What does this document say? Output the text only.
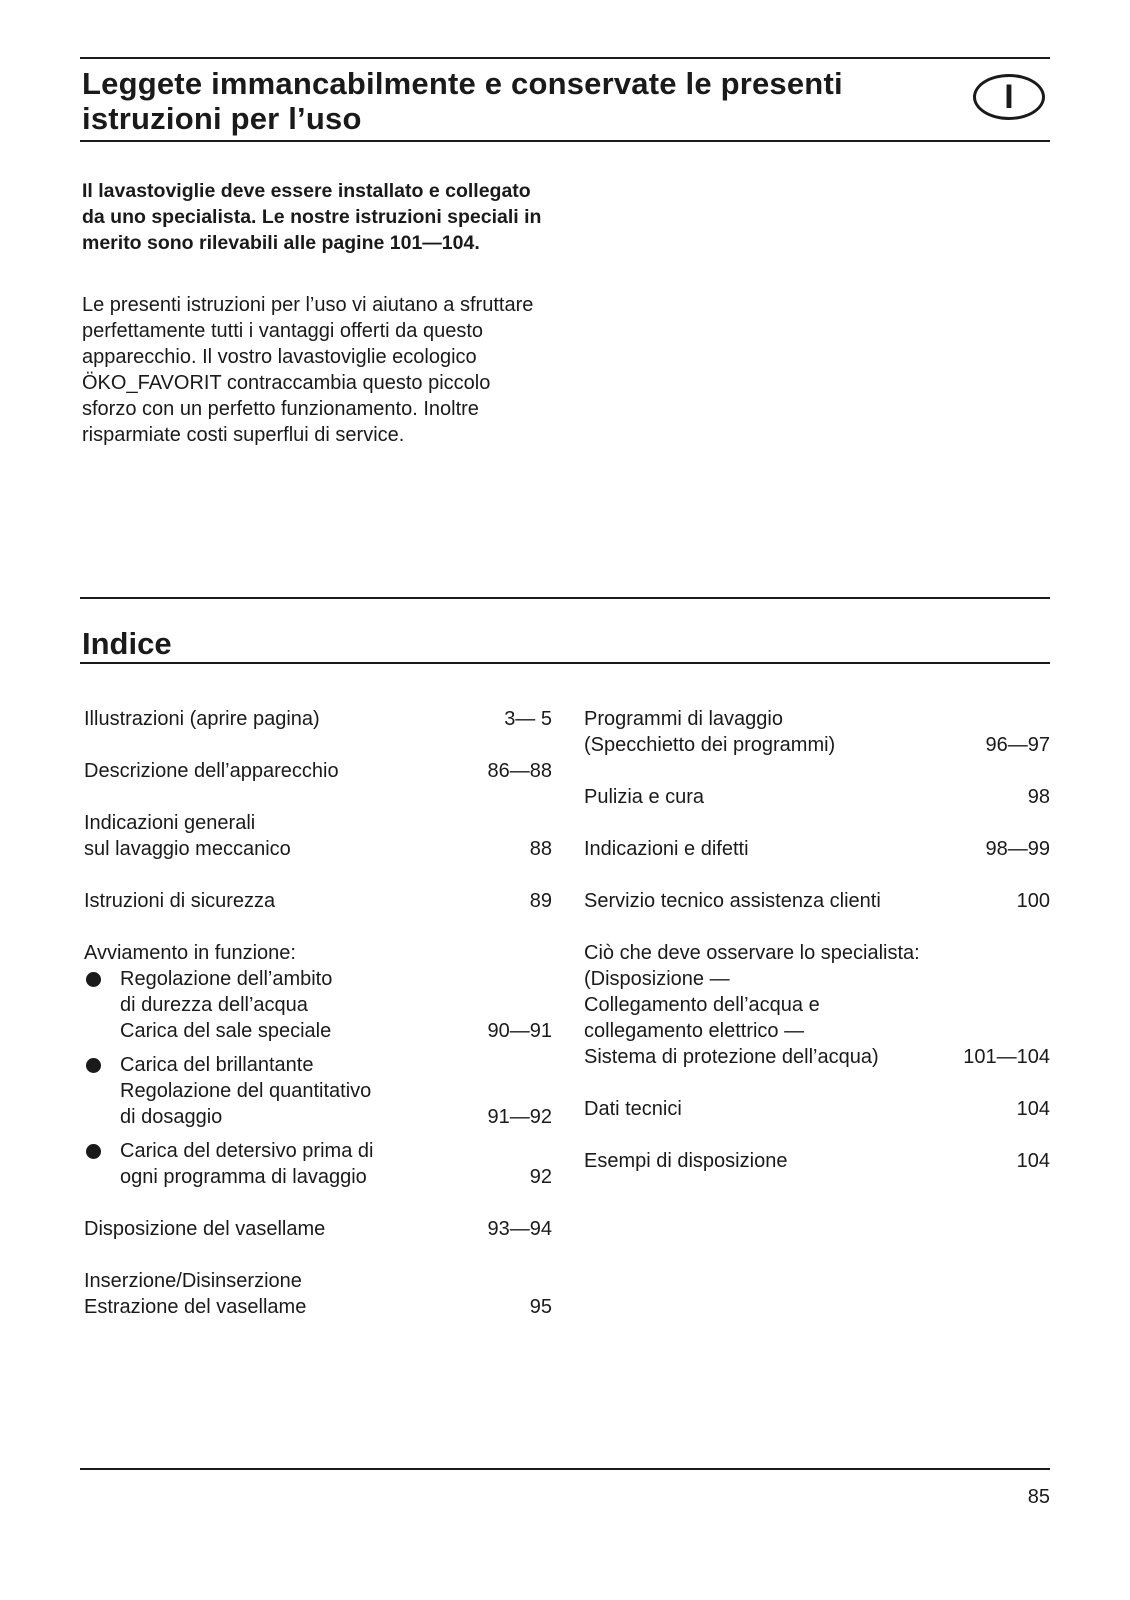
Leggete immancabilmente e conservate le presenti
istruzioni per l’uso
I
Il lavastoviglie deve essere installato e collegato da uno specialista. Le nostre istruzioni speciali in merito sono rilevabili alle pagine 101—104.
Le presenti istruzioni per l’uso vi aiutano a sfruttare perfettamente tutti i vantaggi offerti da questo apparecchio. Il vostro lavastoviglie ecologico ÖKO_FAVORIT contraccambia questo piccolo sforzo con un perfetto funzionamento. Inoltre risparmiate costi superflui di service.
Indice
Illustrazioni (aprire pagina)	3— 5
Descrizione dell’apparecchio	86—88
Indicazioni generali
sul lavaggio meccanico	88
Istruzioni di sicurezza	89
Avviamento in funzione:
Regolazione dell’ambito
di durezza dell’acqua
Carica del sale speciale	90—91
Carica del brillantante
Regolazione del quantitativo
di dosaggio	91—92
Carica del detersivo prima di
ogni programma di lavaggio	92
Disposizione del vasellame	93—94
Inserzione/Disinserzione
Estrazione del vasellame	95
Programmi di lavaggio
(Specchietto dei programmi)	96—97
Pulizia e cura	98
Indicazioni e difetti	98—99
Servizio tecnico assistenza clienti	100
Ciò che deve osservare lo specialista:
(Disposizione —
Collegamento dell’acqua e
collegamento elettrico —
Sistema di protezione dell’acqua)	101—104
Dati tecnici	104
Esempi di disposizione	104
85
